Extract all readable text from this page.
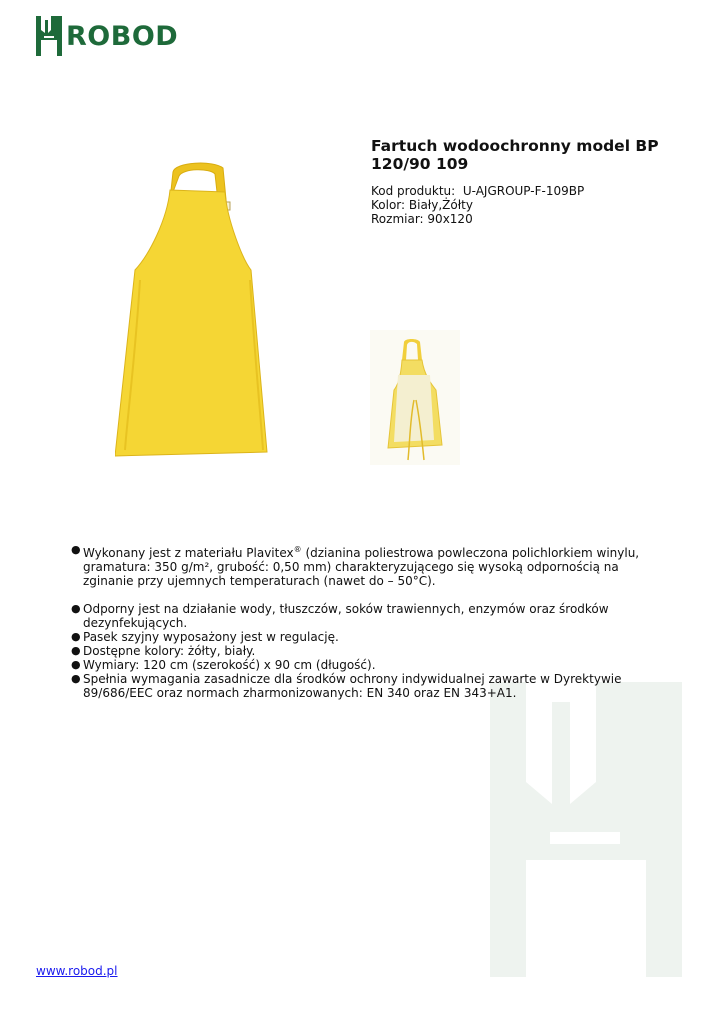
ROBOD
Fartuch wodoochronny model BP 120/90 109
Kod produktu: U-AJGROUP-F-109BP
Kolor: Biały,Żółty
Rozmiar: 90x120
● Wykonany jest z materiału Plavitex® (dzianina poliestrowa powleczona polichlorkiem winylu, gramatura: 350 g/m², grubość: 0,50 mm) charakteryzującego się wysoką odpornością na zginanie przy ujemnych temperaturach (nawet do – 50°C).
● Odporny jest na działanie wody, tłuszczów, soków trawiennych, enzymów oraz środków dezynfekujących.
● Pasek szyjny wyposażony jest w regulację.
● Dostępne kolory: żółty, biały.
● Wymiary: 120 cm (szerokość) x 90 cm (długość).
● Spełnia wymagania zasadnicze dla środków ochrony indywidualnej zawarte w Dyrektywie 89/686/EEC oraz normach zharmonizowanych: EN 340 oraz EN 343+A1.
www.robod.pl
